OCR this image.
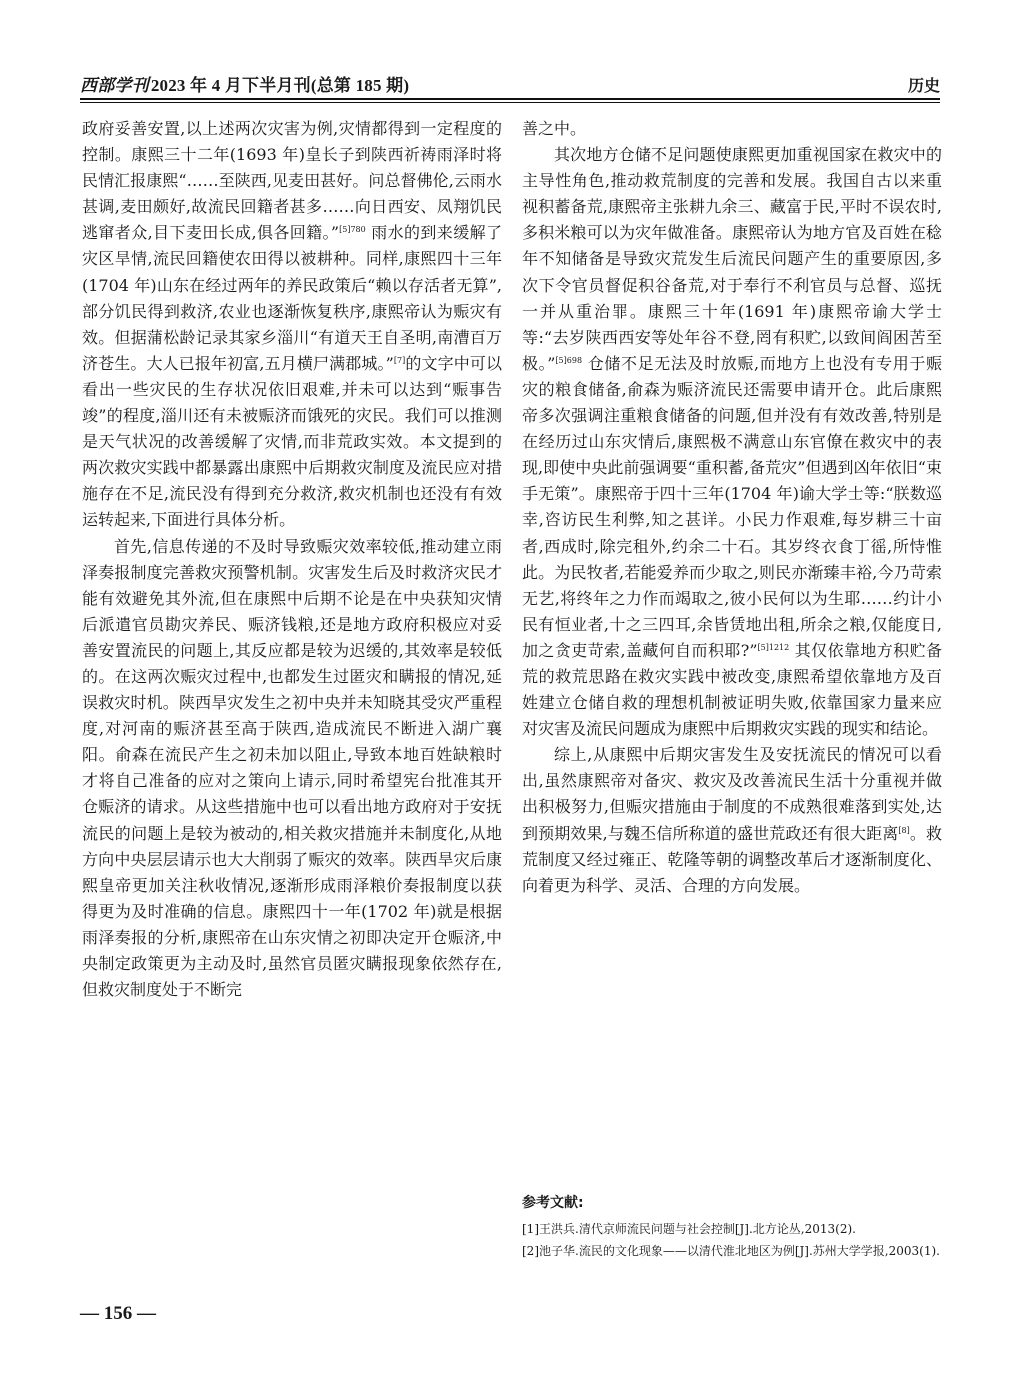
西部学刊 2023 年 4 月下半月刊(总第 185 期)	历史

政府妥善安置,以上述两次灾害为例,灾情都得到一定程度的控制。康熙三十二年(1693 年)皇长子到陕西祈祷雨泽时将民情汇报康熙“……至陕西,见麦田甚好。问总督佛伦,云雨水甚调,麦田颇好,故流民回籍者甚多……向日西安、凤翔饥民逃窜者众,目下麦田长成,俱各回籍。”$^{[5]780}$ 雨水的到来缓解了灾区旱情,流民回籍使农田得以被耕种。同样,康熙四十三年(1704 年)山东在经过两年的养民政策后“赖以存活者无算”,部分饥民得到救济,农业也逐渐恢复秩序,康熙帝认为赈灾有效。但据蒲松龄记录其家乡淄川“有道天王自圣明,南漕百万济苍生。大人已报年初富,五月横尸满郡城。”[7]的文字中可以看出一些灾民的生存状况依旧艰难,并未可以达到“赈事告竣”的程度,淄川还有未被赈济而饿死的灾民。我们可以推测是天气状况的改善缓解了灾情,而非荒政实效。本文提到的两次救灾实践中都暴露出康熙中后期救灾制度及流民应对措施存在不足,流民没有得到充分救济,救灾机制也还没有有效运转起来,下面进行具体分析。

首先,信息传递的不及时导致赈灾效率较低,推动建立雨泽奏报制度完善救灾预警机制。灾害发生后及时救济灾民才能有效避免其外流,但在康熙中后期不论是在中央获知灾情后派遣官员勘灾养民、赈济钱粮,还是地方政府积极应对妥善安置流民的问题上,其反应都是较为迟缓的,其效率是较低的。在这两次赈灾过程中,也都发生过匿灾和瞒报的情况,延误救灾时机。陕西旱灾发生之初中央并未知晓其受灾严重程度,对河南的赈济甚至高于陕西,造成流民不断进入湖广襄阳。俞森在流民产生之初未加以阻止,导致本地百姓缺粮时才将自己准备的应对之策向上请示,同时希望宪台批准其开仓赈济的请求。从这些措施中也可以看出地方政府对于安抚流民的问题上是较为被动的,相关救灾措施并未制度化,从地方向中央层层请示也大大削弱了赈灾的效率。陕西旱灾后康熙皇帝更加关注秋收情况,逐渐形成雨泽粮价奏报制度以获得更为及时准确的信息。康熙四十一年(1702 年)就是根据雨泽奏报的分析,康熙帝在山东灾情之初即决定开仓赈济,中央制定政策更为主动及时,虽然官员匿灾瞒报现象依然存在,但救灾制度处于不断完

善之中。

其次地方仓储不足问题使康熙更加重视国家在救灾中的主导性角色,推动救荒制度的完善和发展。我国自古以来重视积蓄备荒,康熙帝主张耕九余三、藏富于民,平时不误农时,多积米粮可以为灾年做准备。康熙帝认为地方官及百姓在稔年不知储备是导致灾荒发生后流民问题产生的重要原因,多次下令官员督促积谷备荒,对于奉行不利官员与总督、巡抚一并从重治罪。康熙三十年(1691 年)康熙帝谕大学士等:“去岁陕西西安等处年谷不登,罔有积贮,以致间阎困苦至极。”$^{[5]698}$ 仓储不足无法及时放赈,而地方上也没有专用于赈灾的粮食储备,俞森为赈济流民还需要申请开仓。此后康熙帝多次强调注重粮食储备的问题,但并没有有效改善,特别是在经历过山东灾情后,康熙极不满意山东官僚在救灾中的表现,即使中央此前强调要“重积蓄,备荒灾”但遇到凶年依旧“束手无策”。康熙帝于四十三年(1704 年)谕大学士等:“朕数巡幸,咨访民生利弊,知之甚详。小民力作艰难,每岁耕三十亩者,西成时,除完租外,约余二十石。其岁终衣食丁徭,所恃惟此。为民牧者,若能爱养而少取之,则民亦渐臻丰裕,今乃苛索无艺,将终年之力作而竭取之,彼小民何以为生耶……约计小民有恒业者,十之三四耳,余皆赁地出租,所余之粮,仅能度日,加之贪吏苛索,盖藏何自而积耶?”$^{[5]1212}$ 其仅依靠地方积贮备荒的救荒思路在救灾实践中被改变,康熙希望依靠地方及百姓建立仓储自救的理想机制被证明失败,依靠国家力量来应对灾害及流民问题成为康熙中后期救灾实践的现实和结论。

综上,从康熙中后期灾害发生及安抚流民的情况可以看出,虽然康熙帝对备灾、救灾及改善流民生活十分重视并做出积极努力,但赈灾措施由于制度的不成熟很难落到实处,达到预期效果,与魏丕信所称道的盛世荒政还有很大距离[8]。救荒制度又经过雍正、乾隆等朝的调整改革后才逐渐制度化、向着更为科学、灵活、合理的方向发展。

参考文献:

[1]王洪兵.清代京师流民问题与社会控制[J].北方论丛,2013(2).

[2]池子华.流民的文化现象——以清代淮北地区为例[J].苏州大学学报,2003(1).

— 156 —
